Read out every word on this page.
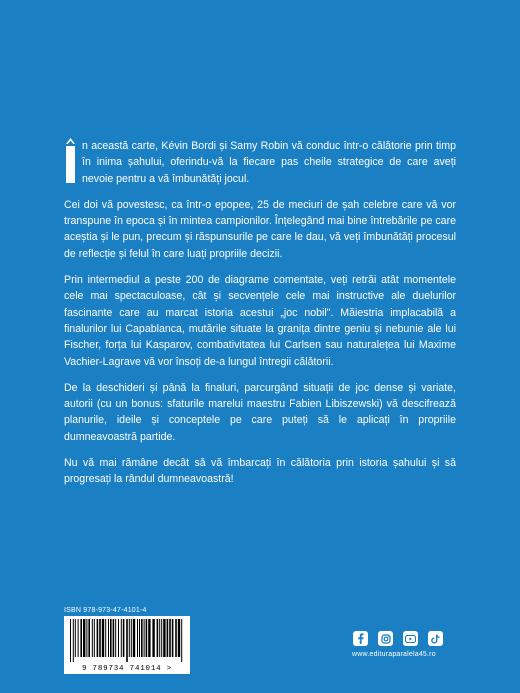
n această carte, Kévin Bordi și Samy Robin vă conduc într-o călătorie prin timp în inima șahului, oferindu-vă la fiecare pas cheile strategice de care aveți nevoie pentru a vă îmbunătăți jocul.

Cei doi vă povestesc, ca într-o epopee, 25 de meciuri de șah celebre care vă vor transpune în epoca și în mintea campionilor. Înțelegând mai bine întrebările pe care aceștia și le pun, precum și răspunsurile pe care le dau, vă veți îmbunătăți procesul de reflecție și felul în care luați propriile decizii.

Prin intermediul a peste 200 de diagrame comentate, veți retrăi atât momentele cele mai spectaculoase, cât și secvențele cele mai instructive ale duelurilor fascinante care au marcat istoria acestui „joc nobil". Măiestria implacabilă a finalurilor lui Capablanca, mutările situate la granița dintre geniu și nebunie ale lui Fischer, forța lui Kasparov, combativitatea lui Carlsen sau naturalețea lui Maxime Vachier-Lagrave vă vor însoți de-a lungul întregii călătorii.

De la deschideri și până la finaluri, parcurgând situații de joc dense și variate, autorii (cu un bonus: sfaturile marelui maestru Fabien Libiszewski) vă descifrează planurile, ideile și conceptele pe care puteți să le aplicați în propriile dumneavoastră partide.

Nu vă mai rămâne decât să vă îmbarcați în călătoria prin istoria șahului și să progresați la rândul dumneavoastră!

ISBN 978-973-47-4101-4
9 789734 741014 >
www.edituraparalela45.ro
